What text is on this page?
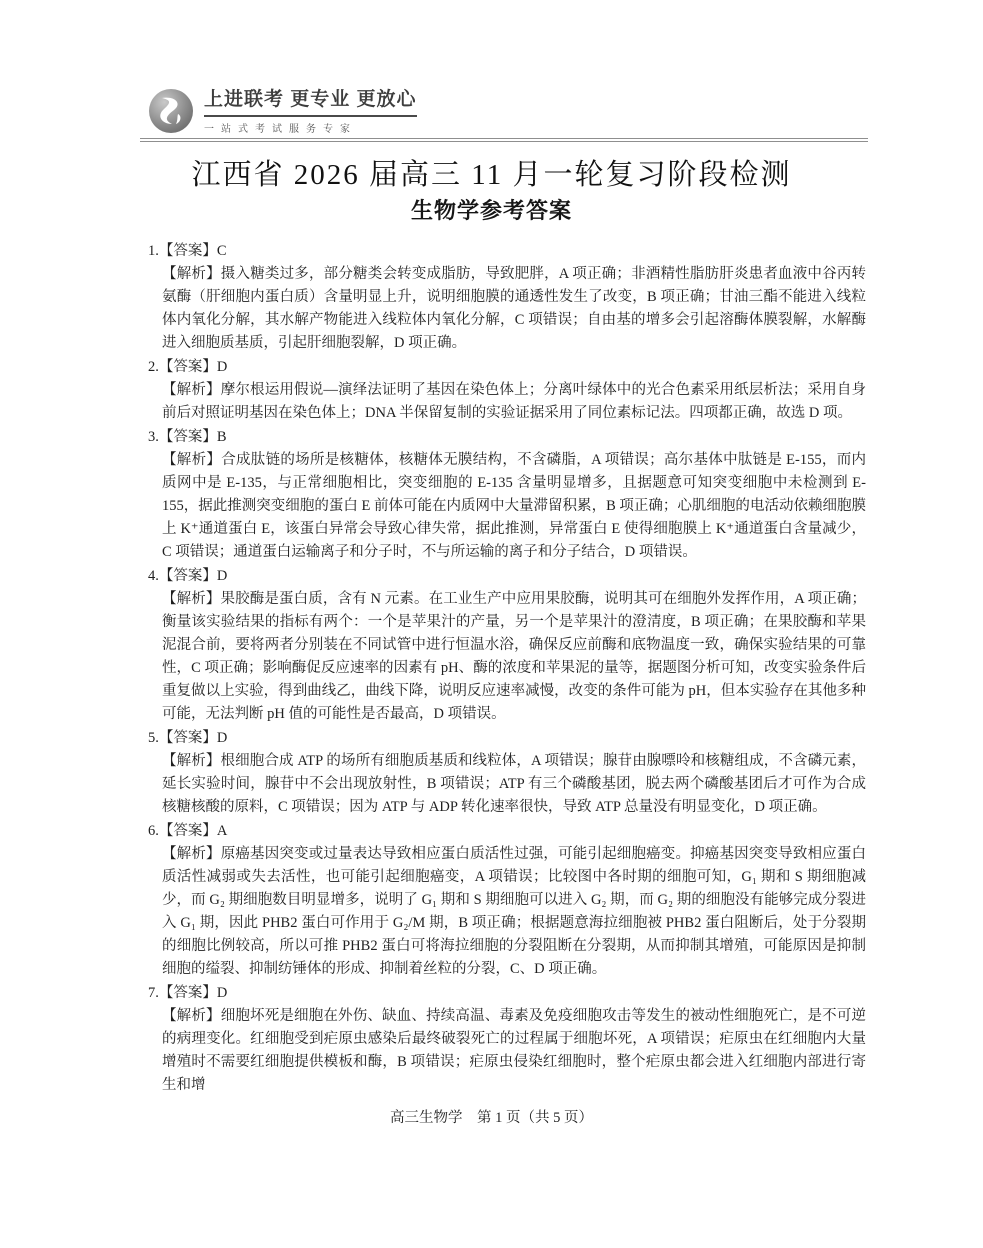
上进联考 更专业 更放心
一站式考试服务专家
江西省 2026 届高三 11 月一轮复习阶段检测
生物学参考答案
1.【答案】C
【解析】摄入糖类过多，部分糖类会转变成脂肪，导致肥胖，A 项正确；非酒精性脂肪肝炎患者血液中谷丙转氨酶（肝细胞内蛋白质）含量明显上升，说明细胞膜的通透性发生了改变，B 项正确；甘油三酯不能进入线粒体内氧化分解，其水解产物能进入线粒体内氧化分解，C 项错误；自由基的增多会引起溶酶体膜裂解，水解酶进入细胞质基质，引起肝细胞裂解，D 项正确。
2.【答案】D
【解析】摩尔根运用假说—演绎法证明了基因在染色体上；分离叶绿体中的光合色素采用纸层析法；采用自身前后对照证明基因在染色体上；DNA 半保留复制的实验证据采用了同位素标记法。四项都正确，故选 D 项。
3.【答案】B
【解析】合成肽链的场所是核糖体，核糖体无膜结构，不含磷脂，A 项错误；高尔基体中肽链是 E-155，而内质网中是 E-135，与正常细胞相比，突变细胞的 E-135 含量明显增多，且据题意可知突变细胞中未检测到 E-155，据此推测突变细胞的蛋白 E 前体可能在内质网中大量滞留积累，B 项正确；心肌细胞的电活动依赖细胞膜上 K⁺通道蛋白 E，该蛋白异常会导致心律失常，据此推测，异常蛋白 E 使得细胞膜上 K⁺通道蛋白含量减少，C 项错误；通道蛋白运输离子和分子时，不与所运输的离子和分子结合，D 项错误。
4.【答案】D
【解析】果胶酶是蛋白质，含有 N 元素。在工业生产中应用果胶酶，说明其可在细胞外发挥作用，A 项正确；衡量该实验结果的指标有两个：一个是苹果汁的产量，另一个是苹果汁的澄清度，B 项正确；在果胶酶和苹果泥混合前，要将两者分别装在不同试管中进行恒温水浴，确保反应前酶和底物温度一致，确保实验结果的可靠性，C 项正确；影响酶促反应速率的因素有 pH、酶的浓度和苹果泥的量等，据题图分析可知，改变实验条件后重复做以上实验，得到曲线乙，曲线下降，说明反应速率减慢，改变的条件可能为 pH，但本实验存在其他多种可能，无法判断 pH 值的可能性是否最高，D 项错误。
5.【答案】D
【解析】根细胞合成 ATP 的场所有细胞质基质和线粒体，A 项错误；腺苷由腺嘌呤和核糖组成，不含磷元素，延长实验时间，腺苷中不会出现放射性，B 项错误；ATP 有三个磷酸基团，脱去两个磷酸基团后才可作为合成核糖核酸的原料，C 项错误；因为 ATP 与 ADP 转化速率很快，导致 ATP 总量没有明显变化，D 项正确。
6.【答案】A
【解析】原癌基因突变或过量表达导致相应蛋白质活性过强，可能引起细胞癌变。抑癌基因突变导致相应蛋白质活性减弱或失去活性，也可能引起细胞癌变，A 项错误；比较图中各时期的细胞可知，G₁ 期和 S 期细胞减少，而 G₂ 期细胞数目明显增多，说明了 G₁ 期和 S 期细胞可以进入 G₂ 期，而 G₂ 期的细胞没有能够完成分裂进入 G₁ 期，因此 PHB2 蛋白可作用于 G₂/M 期，B 项正确；根据题意海拉细胞被 PHB2 蛋白阻断后，处于分裂期的细胞比例较高，所以可推 PHB2 蛋白可将海拉细胞的分裂阻断在分裂期，从而抑制其增殖，可能原因是抑制细胞的缢裂、抑制纺锤体的形成、抑制着丝粒的分裂，C、D 项正确。
7.【答案】D
【解析】细胞坏死是细胞在外伤、缺血、持续高温、毒素及免疫细胞攻击等发生的被动性细胞死亡，是不可逆的病理变化。红细胞受到疟原虫感染后最终破裂死亡的过程属于细胞坏死，A 项错误；疟原虫在红细胞内大量增殖时不需要红细胞提供模板和酶，B 项错误；疟原虫侵染红细胞时，整个疟原虫都会进入红细胞内部进行寄生和增
高三生物学　第 1 页（共 5 页）
